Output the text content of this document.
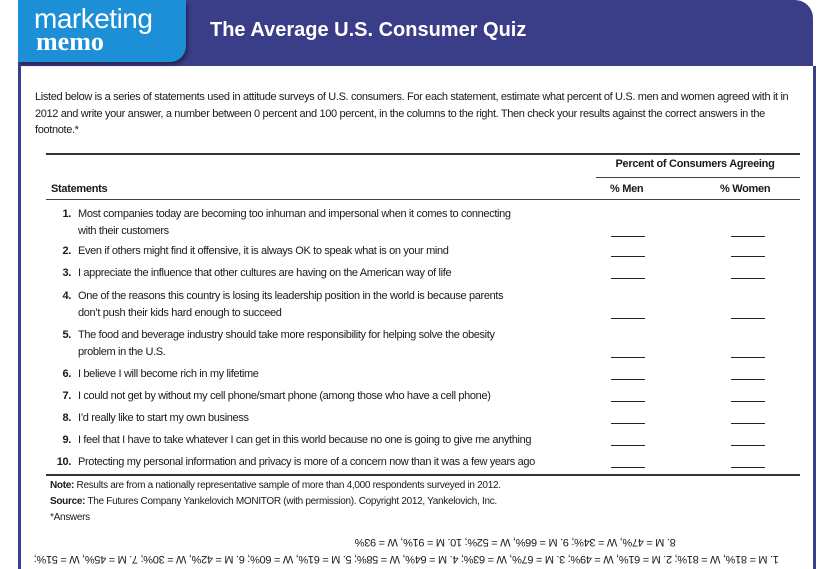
marketing
memo	The Average U.S. Consumer Quiz
Listed below is a series of statements used in attitude surveys of U.S. consumers. For each statement, estimate what percent of U.S. men and women agreed with it in 2012 and write your answer, a number between 0 percent and 100 percent, in the columns to the right. Then check your results against the correct answers in the footnote.*
Percent of Consumers Agreeing
Statements	% Men	% Women
1. Most companies today are becoming too inhuman and impersonal when it comes to connecting
with their customers
2. Even if others might find it offensive, it is always OK to speak what is on your mind
3. I appreciate the influence that other cultures are having on the American way of life
4. One of the reasons this country is losing its leadership position in the world is because parents
don’t push their kids hard enough to succeed
5. The food and beverage industry should take more responsibility for helping solve the obesity
problem in the U.S.
6. I believe I will become rich in my lifetime
7. I could not get by without my cell phone/smart phone (among those who have a cell phone)
8. I’d really like to start my own business
9. I feel that I have to take whatever I can get in this world because no one is going to give me anything
10. Protecting my personal information and privacy is more of a concern now than it was a few years ago
Note: Results are from a nationally representative sample of more than 4,000 respondents surveyed in 2012.
Source: The Futures Company Yankelovich MONITOR (with permission). Copyright 2012, Yankelovich, Inc.
*Answers
8. M = 47%, W = 34%; 9. M = 66%, W = 52%; 10. M = 91%, W = 93%
1. M = 81%, W = 81%; 2. M = 61%, W = 49%; 3. M = 67%, W = 63%; 4. M = 64%, W = 58%; 5. M = 61%, W = 60%; 6. M = 42%, W = 30%; 7. M = 45%, W = 51%;
